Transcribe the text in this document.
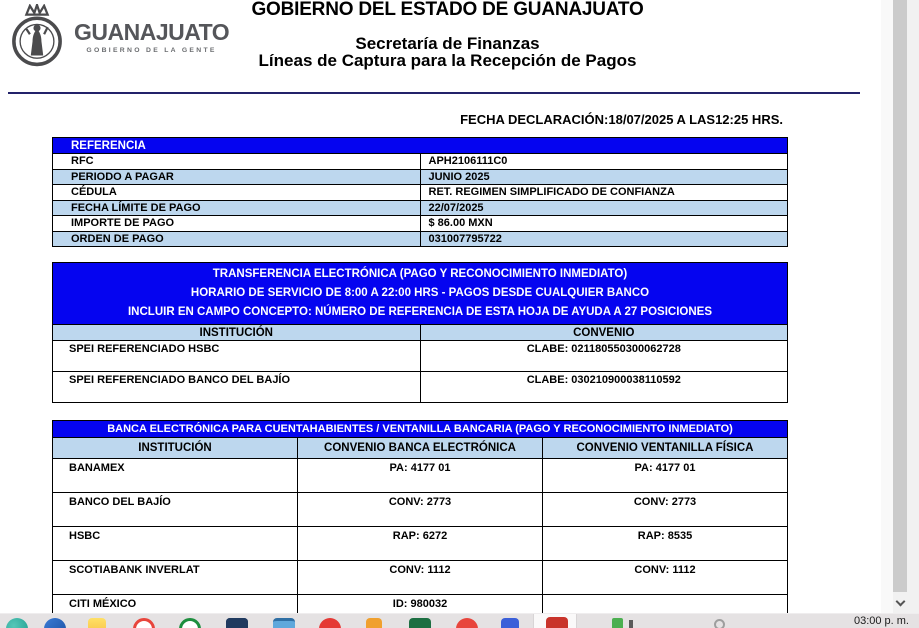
GUANAJUATO
GOBIERNO DE LA GENTE
GOBIERNO DEL ESTADO DE GUANAJUATO
Secretaría de Finanzas
Líneas de Captura para la Recepción de Pagos
FECHA DECLARACIÓN:18/07/2025 A LAS12:25 HRS.
REFERENCIA	
RFC	APH2106111C0
PERIODO A PAGAR	JUNIO 2025
CÉDULA	RET. REGIMEN SIMPLIFICADO DE CONFIANZA
FECHA LÍMITE DE PAGO	22/07/2025
IMPORTE DE PAGO	$ 86.00 MXN
ORDEN DE PAGO	031007795722
TRANSFERENCIA ELECTRÓNICA (PAGO Y RECONOCIMIENTO INMEDIATO)
HORARIO DE SERVICIO DE 8:00 A 22:00 HRS - PAGOS DESDE CUALQUIER BANCO
INCLUIR EN CAMPO CONCEPTO: NÚMERO DE REFERENCIA DE ESTA HOJA DE AYUDA A 27 POSICIONES	

INSTITUCIÓN	CONVENIO
SPEI REFERENCIADO HSBC	CLABE: 021180550300062728
SPEI REFERENCIADO BANCO DEL BAJÍO	CLABE: 030210900038110592
BANCA ELECTRÓNICA PARA CUENTAHABIENTES / VENTANILLA BANCARIA (PAGO Y RECONOCIMIENTO INMEDIATO)		
INSTITUCIÓN	CONVENIO BANCA ELECTRÓNICA	CONVENIO VENTANILLA FÍSICA
BANAMEX	PA: 4177 01	PA: 4177 01
BANCO DEL BAJÍO	CONV: 2773	CONV: 2773
HSBC	RAP: 6272	RAP: 8535
SCOTIABANK INVERLAT	CONV: 1112	CONV: 1112
CITI MÉXICO	ID: 980032	
03:00 p. m.
